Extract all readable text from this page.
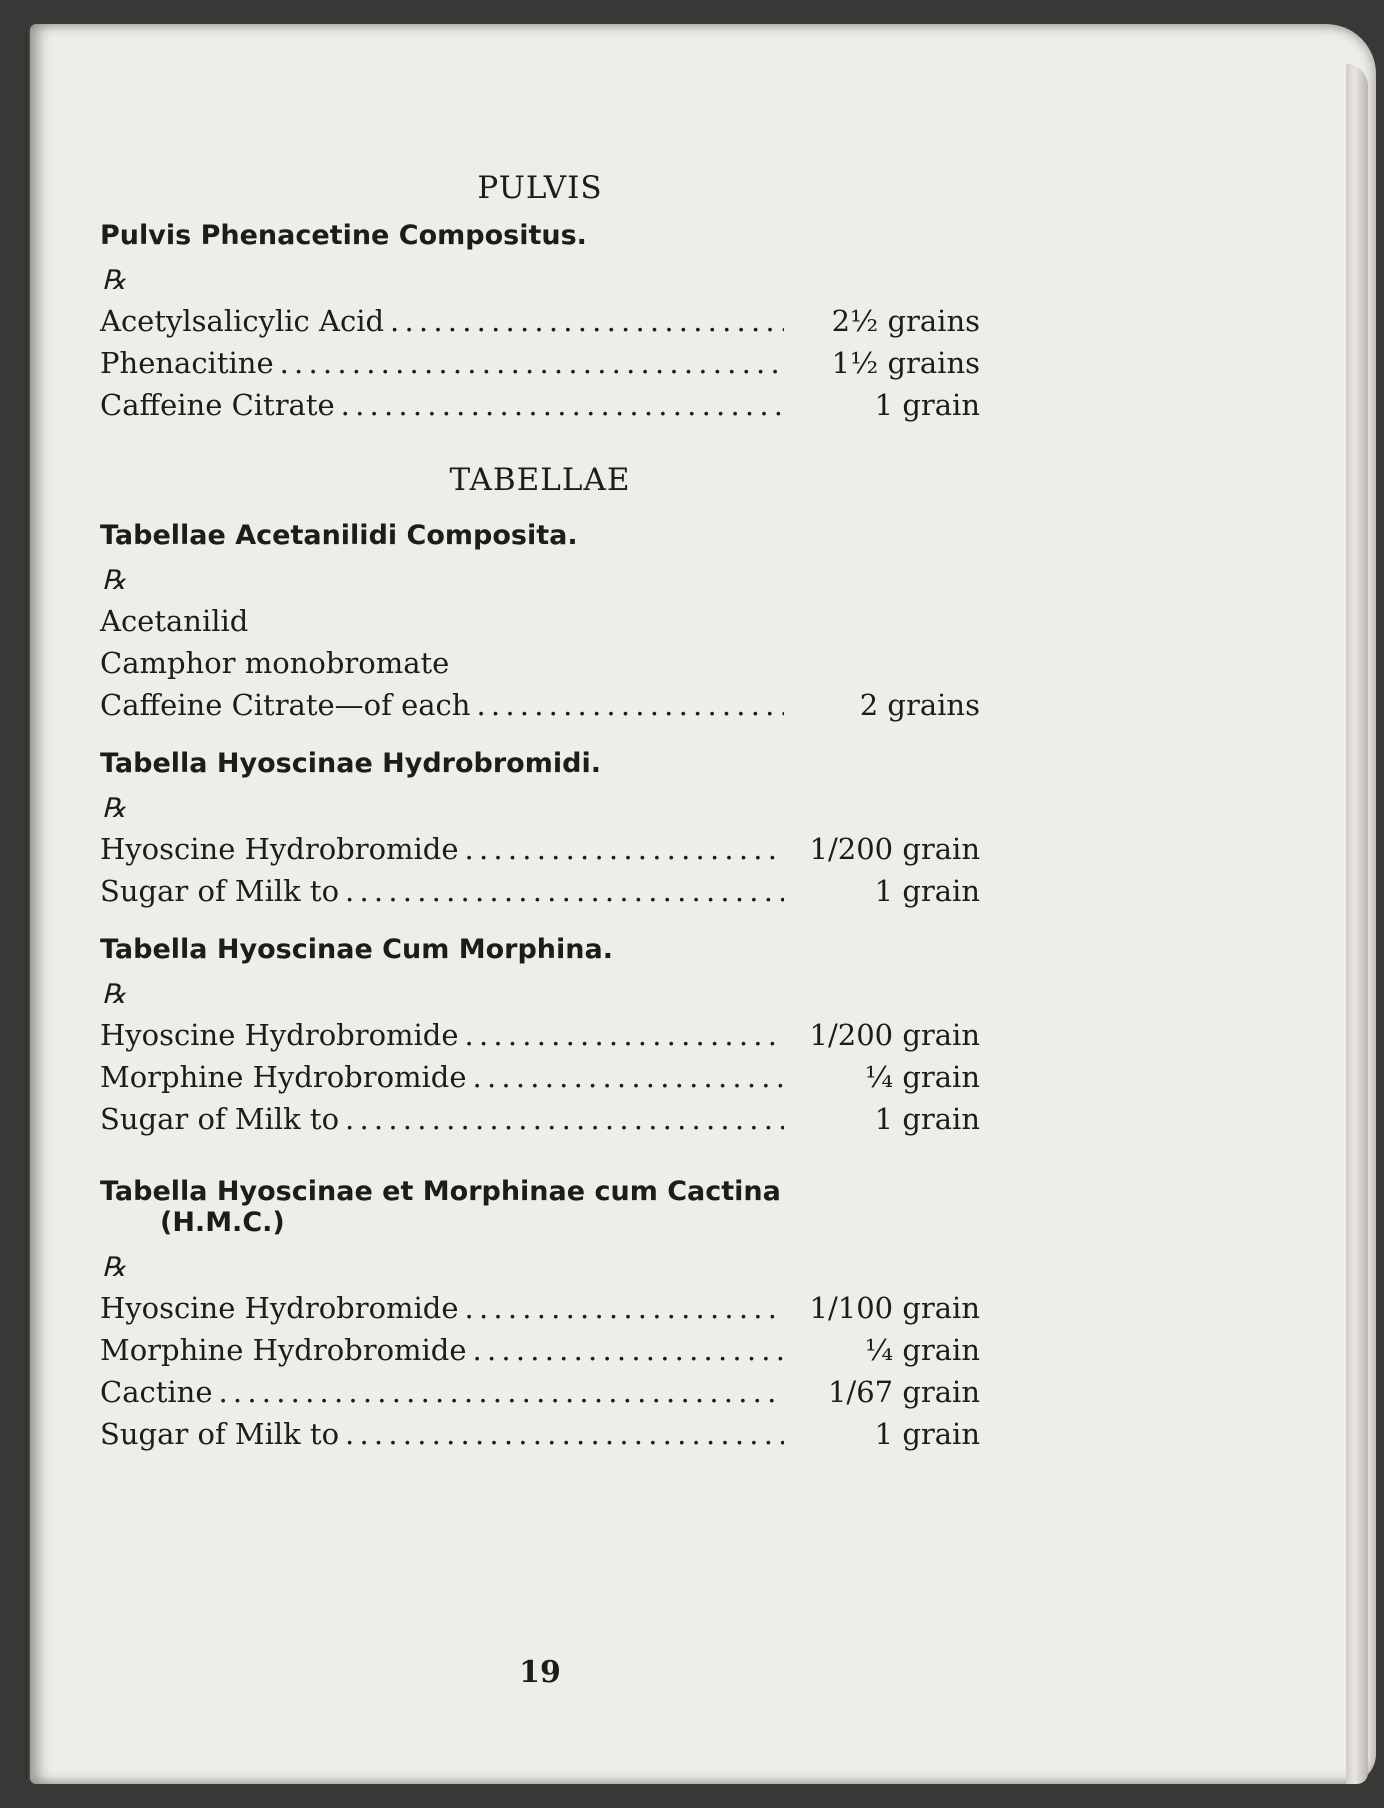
PULVIS
Pulvis Phenacetine Compositus.
℞
Acetylsalicylic Acid . . .	2½ grains
Phenacitine . . .	1½ grains
Caffeine Citrate . . .	1 grain
TABELLAE
Tabellae Acetanilidi Composita.
℞
Acetanilid
Camphor monobromate
Caffeine Citrate—of each . . .	2 grains
Tabella Hyoscinae Hydrobromidi.
℞
Hyoscine Hydrobromide . . .	1/200 grain
Sugar of Milk to . . .	1 grain
Tabella Hyoscinae Cum Morphina.
℞
Hyoscine Hydrobromide . . .	1/200 grain
Morphine Hydrobromide . . .	¼ grain
Sugar of Milk to . . .	1 grain
Tabella Hyoscinae et Morphinae cum Cactina
(H.M.C.)
℞
Hyoscine Hydrobromide . . .	1/100 grain
Morphine Hydrobromide . . .	¼ grain
Cactine . . .	1/67 grain
Sugar of Milk to . . .	1 grain
19
